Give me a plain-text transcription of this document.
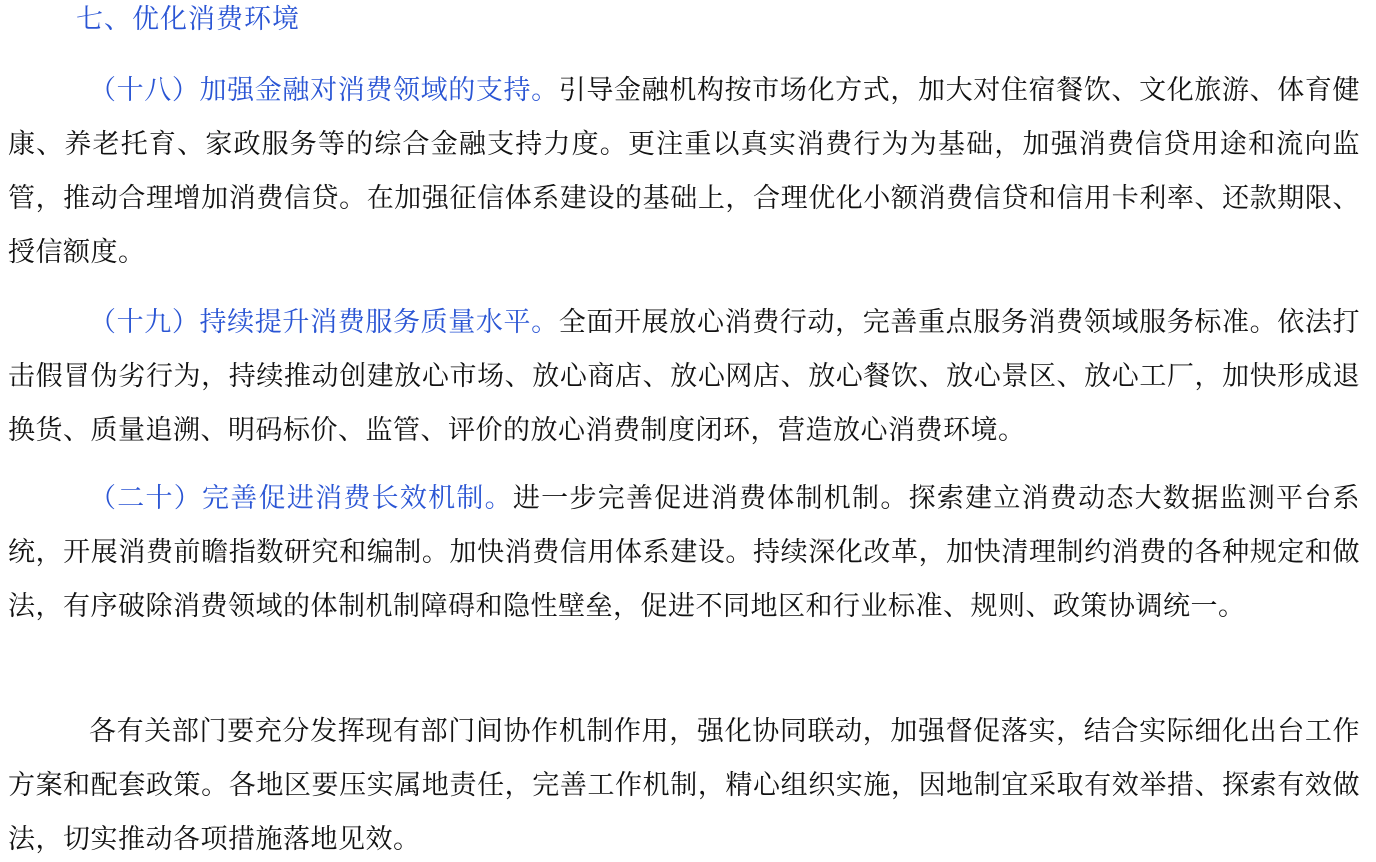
七、优化消费环境

（十八）加强金融对消费领域的支持。引导金融机构按市场化方式，加大对住宿餐饮、文化旅游、体育健康、养老托育、家政服务等的综合金融支持力度。更注重以真实消费行为为基础，加强消费信贷用途和流向监管，推动合理增加消费信贷。在加强征信体系建设的基础上，合理优化小额消费信贷和信用卡利率、还款期限、授信额度。

（十九）持续提升消费服务质量水平。全面开展放心消费行动，完善重点服务消费领域服务标准。依法打击假冒伪劣行为，持续推动创建放心市场、放心商店、放心网店、放心餐饮、放心景区、放心工厂，加快形成退换货、质量追溯、明码标价、监管、评价的放心消费制度闭环，营造放心消费环境。

（二十）完善促进消费长效机制。进一步完善促进消费体制机制。探索建立消费动态大数据监测平台系统，开展消费前瞻指数研究和编制。加快消费信用体系建设。持续深化改革，加快清理制约消费的各种规定和做法，有序破除消费领域的体制机制障碍和隐性壁垒，促进不同地区和行业标准、规则、政策协调统一。

各有关部门要充分发挥现有部门间协作机制作用，强化协同联动，加强督促落实，结合实际细化出台工作方案和配套政策。各地区要压实属地责任，完善工作机制，精心组织实施，因地制宜采取有效举措、探索有效做法，切实推动各项措施落地见效。
